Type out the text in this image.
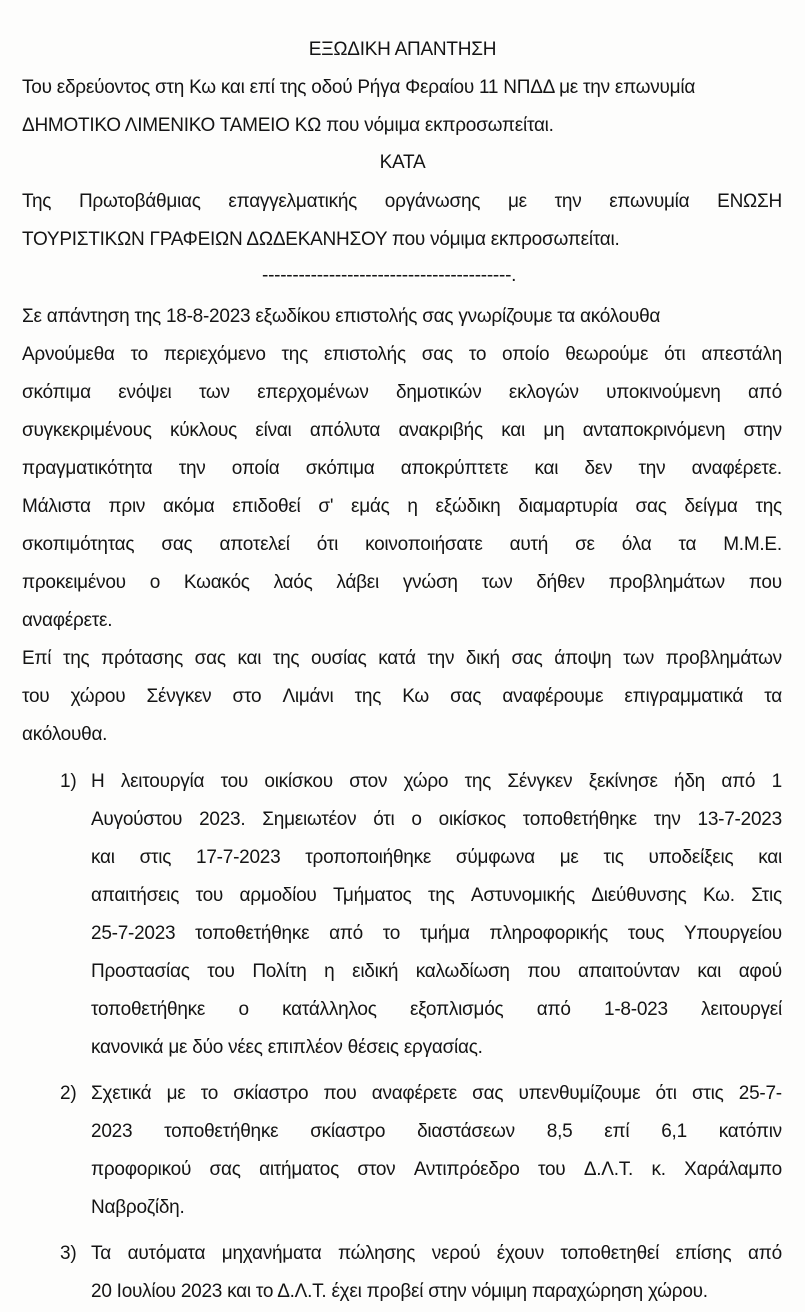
ΕΞΩΔΙΚΗ ΑΠΑΝΤΗΣΗ
Του εδρεύοντος στη Κω και επί της οδού Ρήγα Φεραίου 11 ΝΠΔΔ με την επωνυμία
ΔΗΜΟΤΙΚΟ ΛΙΜΕΝΙΚΟ ΤΑΜΕΙΟ ΚΩ που νόμιμα εκπροσωπείται.
ΚΑΤΑ
Της Πρωτοβάθμιας επαγγελματικής οργάνωσης με την επωνυμία ΕΝΩΣΗ
ΤΟΥΡΙΣΤΙΚΩΝ ΓΡΑΦΕΙΩΝ ΔΩΔΕΚΑΝΗΣΟΥ που νόμιμα εκπροσωπείται.
-----------------------------------------.
Σε απάντηση της 18-8-2023 εξωδίκου επιστολής σας γνωρίζουμε τα ακόλουθα
Αρνούμεθα το περιεχόμενο της επιστολής σας το οποίο θεωρούμε ότι απεστάλη
σκόπιμα ενόψει των επερχομένων δημοτικών εκλογών υποκινούμενη από
συγκεκριμένους κύκλους είναι απόλυτα ανακριβής και μη ανταποκρινόμενη στην
πραγματικότητα την οποία σκόπιμα αποκρύπτετε και δεν την αναφέρετε.
Μάλιστα πριν ακόμα επιδοθεί σ' εμάς η εξώδικη διαμαρτυρία σας δείγμα της
σκοπιμότητας σας αποτελεί ότι κοινοποιήσατε αυτή σε όλα τα Μ.Μ.Ε.
προκειμένου ο Κωακός λαός λάβει γνώση των δήθεν προβλημάτων που
αναφέρετε.
Επί της πρότασης σας και της ουσίας κατά την δική σας άποψη των προβλημάτων
του χώρου Σένγκεν στο Λιμάνι της Κω σας αναφέρουμε επιγραμματικά τα
ακόλουθα.
1) Η λειτουργία του οικίσκου στον χώρο της Σένγκεν ξεκίνησε ήδη από 1
Αυγούστου 2023. Σημειωτέον ότι ο οικίσκος τοποθετήθηκε την 13-7-2023
και στις 17-7-2023 τροποποιήθηκε σύμφωνα με τις υποδείξεις και
απαιτήσεις του αρμοδίου Τμήματος της Αστυνομικής Διεύθυνσης Κω. Στις
25-7-2023 τοποθετήθηκε από το τμήμα πληροφορικής τους Υπουργείου
Προστασίας του Πολίτη η ειδική καλωδίωση που απαιτούνταν και αφού
τοποθετήθηκε ο κατάλληλος εξοπλισμός από 1-8-023 λειτουργεί
κανονικά με δύο νέες επιπλέον θέσεις εργασίας.
2) Σχετικά με το σκίαστρο που αναφέρετε σας υπενθυμίζουμε ότι στις 25-7-
2023 τοποθετήθηκε σκίαστρο διαστάσεων 8,5 επί 6,1 κατόπιν
προφορικού σας αιτήματος στον Αντιπρόεδρο του Δ.Λ.Τ. κ. Χαράλαμπο
Ναβροζίδη.
3) Τα αυτόματα μηχανήματα πώλησης νερού έχουν τοποθετηθεί επίσης από
20 Ιουλίου 2023 και το Δ.Λ.Τ. έχει προβεί στην νόμιμη παραχώρηση χώρου.
